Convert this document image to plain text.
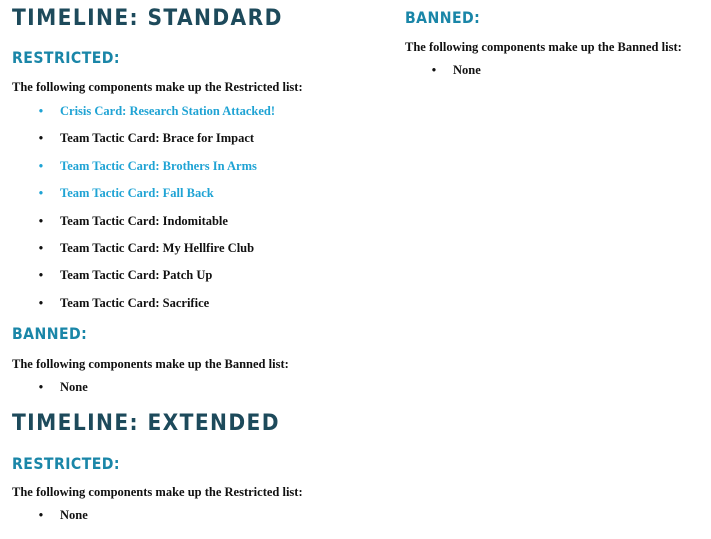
TIMELINE: STANDARD
RESTRICTED:

The following components make up the Restricted list:

• Crisis Card: Research Station Attacked!
• Team Tactic Card: Brace for Impact
• Team Tactic Card: Brothers In Arms
• Team Tactic Card: Fall Back
• Team Tactic Card: Indomitable
• Team Tactic Card: My Hellfire Club
• Team Tactic Card: Patch Up
• Team Tactic Card: Sacrifice
BANNED:

The following components make up the Banned list:

• None
TIMELINE: EXTENDED
RESTRICTED:

The following components make up the Restricted list:

• None
BANNED:

The following components make up the Banned list:

• None
